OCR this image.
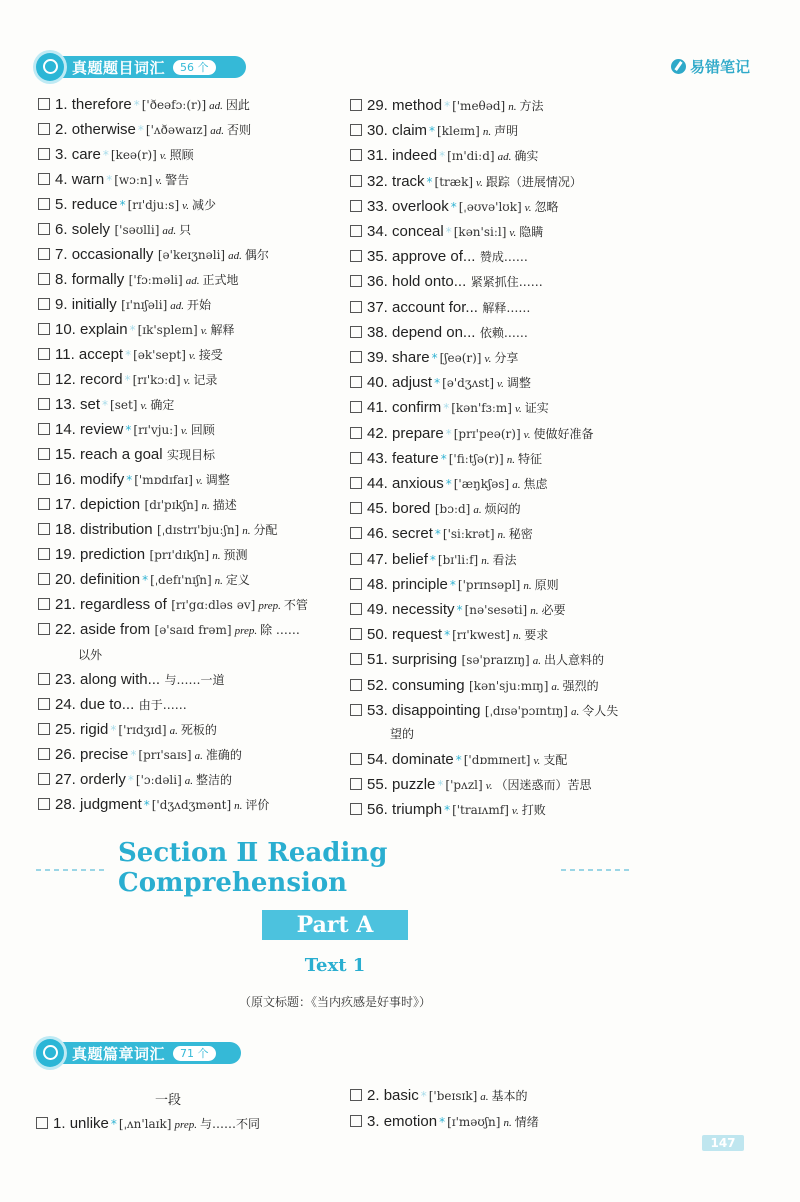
真题题目词汇	56 个	易错笔记
1. therefore * ['ðeəfɔː(r)] ad. 因此
2. otherwise * ['ʌðəwaɪz] ad. 否则
3. care * [keə(r)] v. 照顾
4. warn * [wɔːn] v. 警告
5. reduce * [rɪ'djuːs] v. 减少
6. solely ['səʊlli] ad. 只
7. occasionally [ə'keɪʒnəli] ad. 偶尔
8. formally ['fɔːməli] ad. 正式地
9. initially [ɪ'nɪʃəli] ad. 开始
10. explain * [ɪk'spleɪn] v. 解释
11. accept * [ək'sept] v. 接受
12. record * [rɪ'kɔːd] v. 记录
13. set * [set] v. 确定
14. review * [rɪ'vjuː] v. 回顾
15. reach a goal 实现目标
16. modify * ['mɒdɪfaɪ] v. 调整
17. depiction [dɪ'pɪkʃn] n. 描述
18. distribution [ˌdɪstrɪ'bjuːʃn] n. 分配
19. prediction [prɪ'dɪkʃn] n. 预测
20. definition * [ˌdefɪ'nɪʃn] n. 定义
21. regardless of [rɪ'gɑːdləs əv] prep. 不管
22. aside from [ə'saɪd frəm] prep. 除 ……
23. along with... 与……一道
24. due to... 由于……
25. rigid * ['rɪdʒɪd] a. 死板的
26. precise * [prɪ'saɪs] a. 准确的
27. orderly * ['ɔːdəli] a. 整洁的
28. judgment * ['dʒʌdʒmənt] n. 评价
以外
29. method * ['meθəd] n. 方法
30. claim * [kleɪm] n. 声明
31. indeed * [ɪn'diːd] ad. 确实
32. track * [træk] v. 跟踪（进展情况）
33. overlook * [ˌəʊvə'lʊk] v. 忽略
34. conceal * [kən'siːl] v. 隐瞒
35. approve of... 赞成……
36. hold onto... 紧紧抓住……
37. account for... 解释……
38. depend on... 依赖……
39. share * [ʃeə(r)] v. 分享
40. adjust * [ə'dʒʌst] v. 调整
41. confirm * [kən'fɜːm] v. 证实
42. prepare * [prɪ'peə(r)] v. 使做好准备
43. feature * ['fiːtʃə(r)] n. 特征
44. anxious * ['æŋkʃəs] a. 焦虑
45. bored [bɔːd] a. 烦闷的
46. secret * ['siːkrət] n. 秘密
47. belief * [bɪ'liːf] n. 看法
48. principle * ['prɪnsəpl] n. 原则
49. necessity * [nə'sesəti] n. 必要
50. request * [rɪ'kwest] n. 要求
51. surprising [sə'praɪzɪŋ] a. 出人意料的
52. consuming [kən'sjuːmɪŋ] a. 强烈的
53. disappointing [ˌdɪsə'pɔɪntɪŋ] a. 令人失
54. dominate * ['dɒmɪneɪt] v. 支配
55. puzzle * ['pʌzl] v. （因迷惑而）苦思
56. triumph * ['traɪʌmf] v. 打败
望的
Section Ⅱ Reading Comprehension
Part A
Text 1
（原文标题：《当内疚感是好事时》）
真题篇章词汇	71 个
一段
1. unlike * [ˌʌn'laɪk] prep. 与……不同
2. basic * ['beɪsɪk] a. 基本的
3. emotion * [ɪ'məʊʃn] n. 情绪
147
